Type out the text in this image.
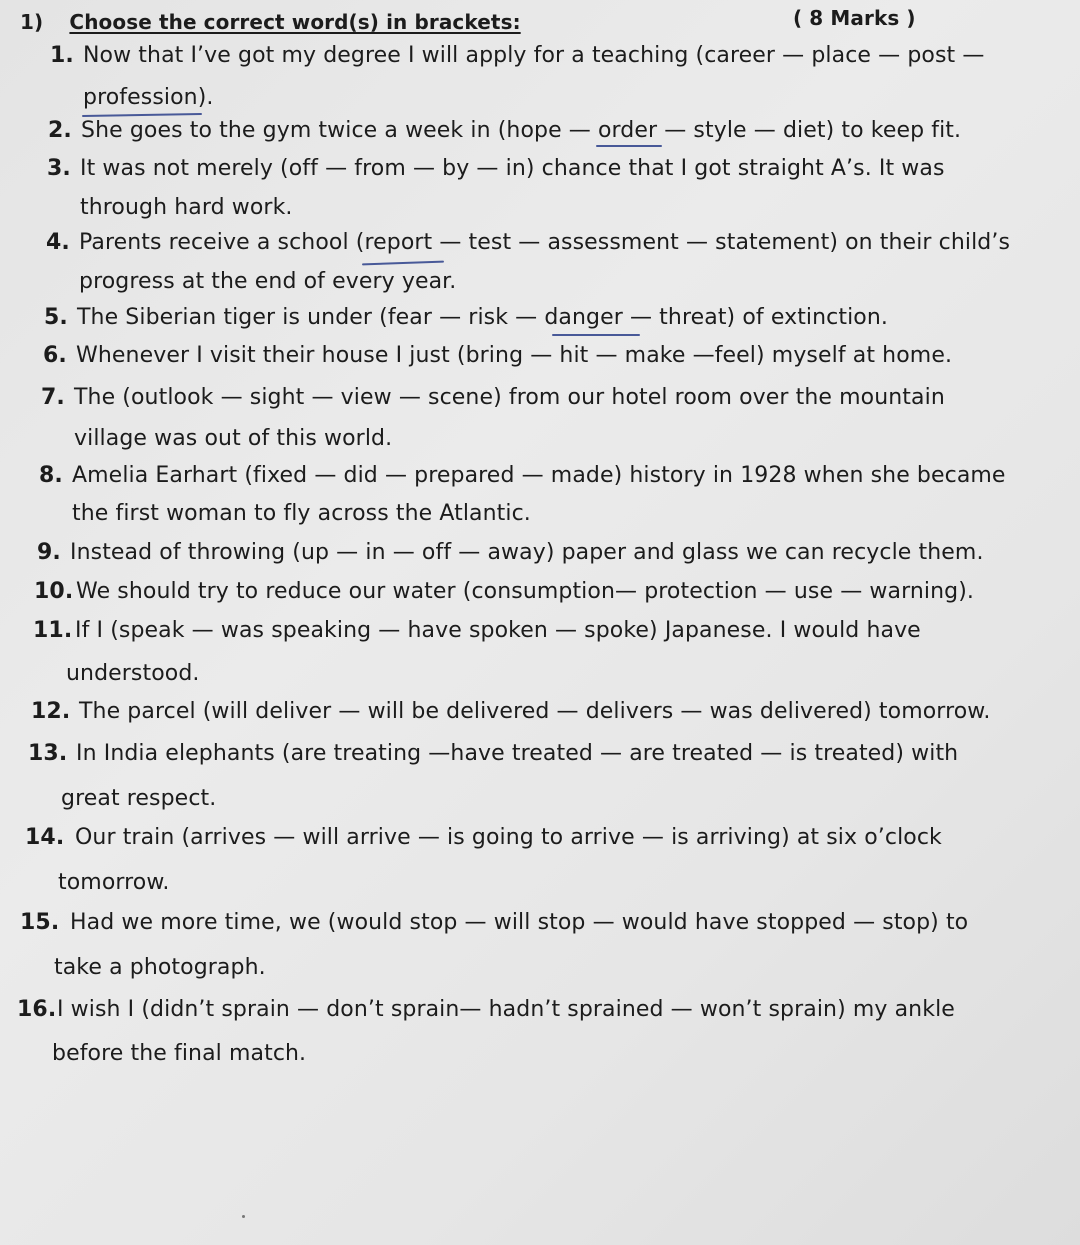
1) Choose the correct word(s) in brackets:	( 8 Marks )
1. Now that I’ve got my degree I will apply for a teaching (career — place — post —
profession).
2. She goes to the gym twice a week in (hope — order — style — diet) to keep fit.
3. It was not merely (off — from — by — in) chance that I got straight A’s. It was
through hard work.
4. Parents receive a school (report — test — assessment — statement) on their child’s
progress at the end of every year.
5. The Siberian tiger is under (fear — risk — danger — threat) of extinction.
6. Whenever I visit their house I just (bring — hit — make —feel) myself at home.
7. The (outlook — sight — view — scene) from our hotel room over the mountain
village was out of this world.
8. Amelia Earhart (fixed — did — prepared — made) history in 1928 when she became
the first woman to fly across the Atlantic.
9. Instead of throwing (up — in — off — away) paper and glass we can recycle them.
10. We should try to reduce our water (consumption— protection — use — warning).
11. If I (speak — was speaking — have spoken — spoke) Japanese. I would have
understood.
12. The parcel (will deliver — will be delivered — delivers — was delivered) tomorrow.
13. In India elephants (are treating —have treated — are treated — is treated) with
great respect.
14. Our train (arrives — will arrive — is going to arrive — is arriving) at six o’clock
tomorrow.
15. Had we more time, we (would stop — will stop — would have stopped — stop) to
take a photograph.
16.I wish I (didn’t sprain — don’t sprain— hadn’t sprained — won’t sprain) my ankle
before the final match.
